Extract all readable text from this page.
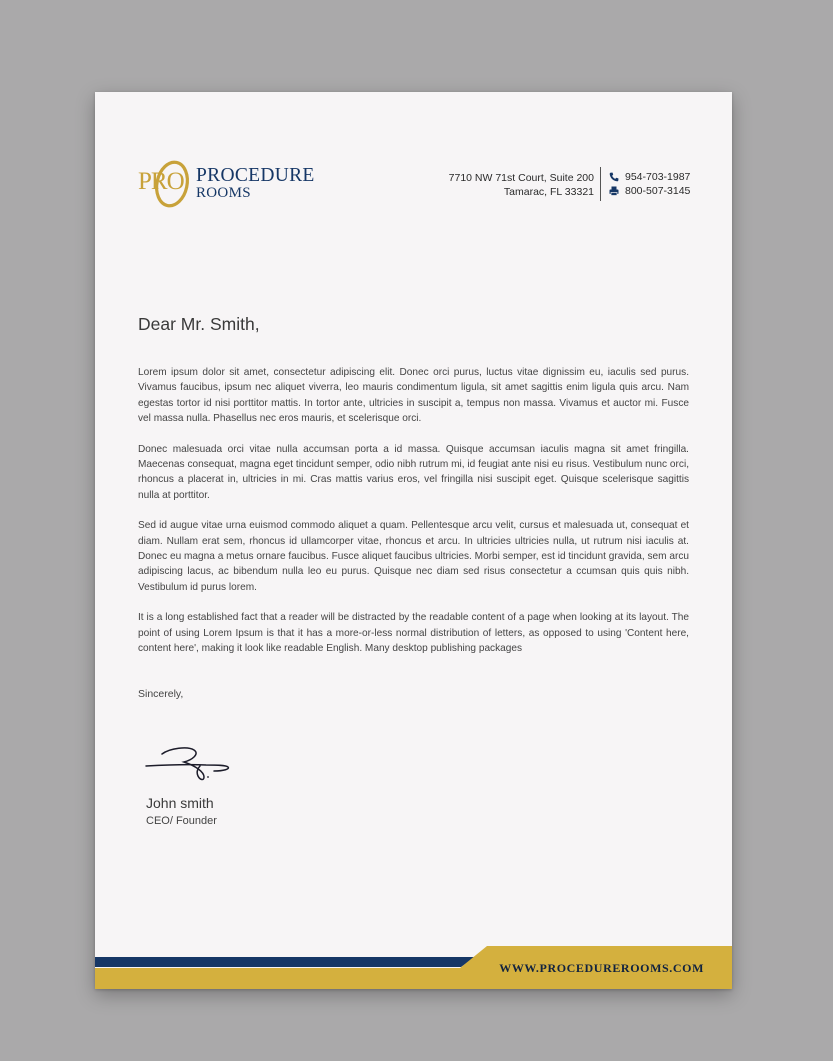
PRO PROCEDURE
ROOMS
7710 NW 71st Court, Suite 200
Tamarac, FL 33321
954-703-1987
800-507-3145
Dear Mr. Smith,

Lorem ipsum dolor sit amet, consectetur adipiscing elit. Donec orci purus, luctus vitae dignissim eu, iaculis sed purus. Vivamus faucibus, ipsum nec aliquet viverra, leo mauris condimentum ligula, sit amet sagittis enim ligula quis arcu. Nam egestas tortor id nisi porttitor mattis. In tortor ante, ultricies in suscipit a, tempus non massa. Vivamus et auctor mi. Fusce vel massa nulla. Phasellus nec eros mauris, et scelerisque orci.

Donec malesuada orci vitae nulla accumsan porta a id massa. Quisque accumsan iaculis magna sit amet fringilla. Maecenas consequat, magna eget tincidunt semper, odio nibh rutrum mi, id feugiat ante nisi eu risus. Vestibulum nunc orci, rhoncus a placerat in, ultricies in mi. Cras mattis varius eros, vel fringilla nisi suscipit eget. Quisque scelerisque sagittis nulla at porttitor.

Sed id augue vitae urna euismod commodo aliquet a quam. Pellentesque arcu velit, cursus et malesuada ut, consequat et diam. Nullam erat sem, rhoncus id ullamcorper vitae, rhoncus et arcu. In ultricies ultricies nulla, ut rutrum nisi iaculis at. Donec eu magna a metus ornare faucibus. Fusce aliquet faucibus ultricies. Morbi semper, est id tincidunt gravida, sem arcu adipiscing lacus, ac bibendum nulla leo eu purus. Quisque nec diam sed risus consectetur a ccumsan quis quis nibh. Vestibulum id purus lorem.

It is a long established fact that a reader will be distracted by the readable content of a page when looking at its layout. The point of using Lorem Ipsum is that it has a more-or-less normal distribution of letters, as opposed to using 'Content here, content here', making it look like readable English. Many desktop publishing packages

Sincerely,
John smith
CEO/ Founder
WWW.PROCEDUREROOMS.COM
